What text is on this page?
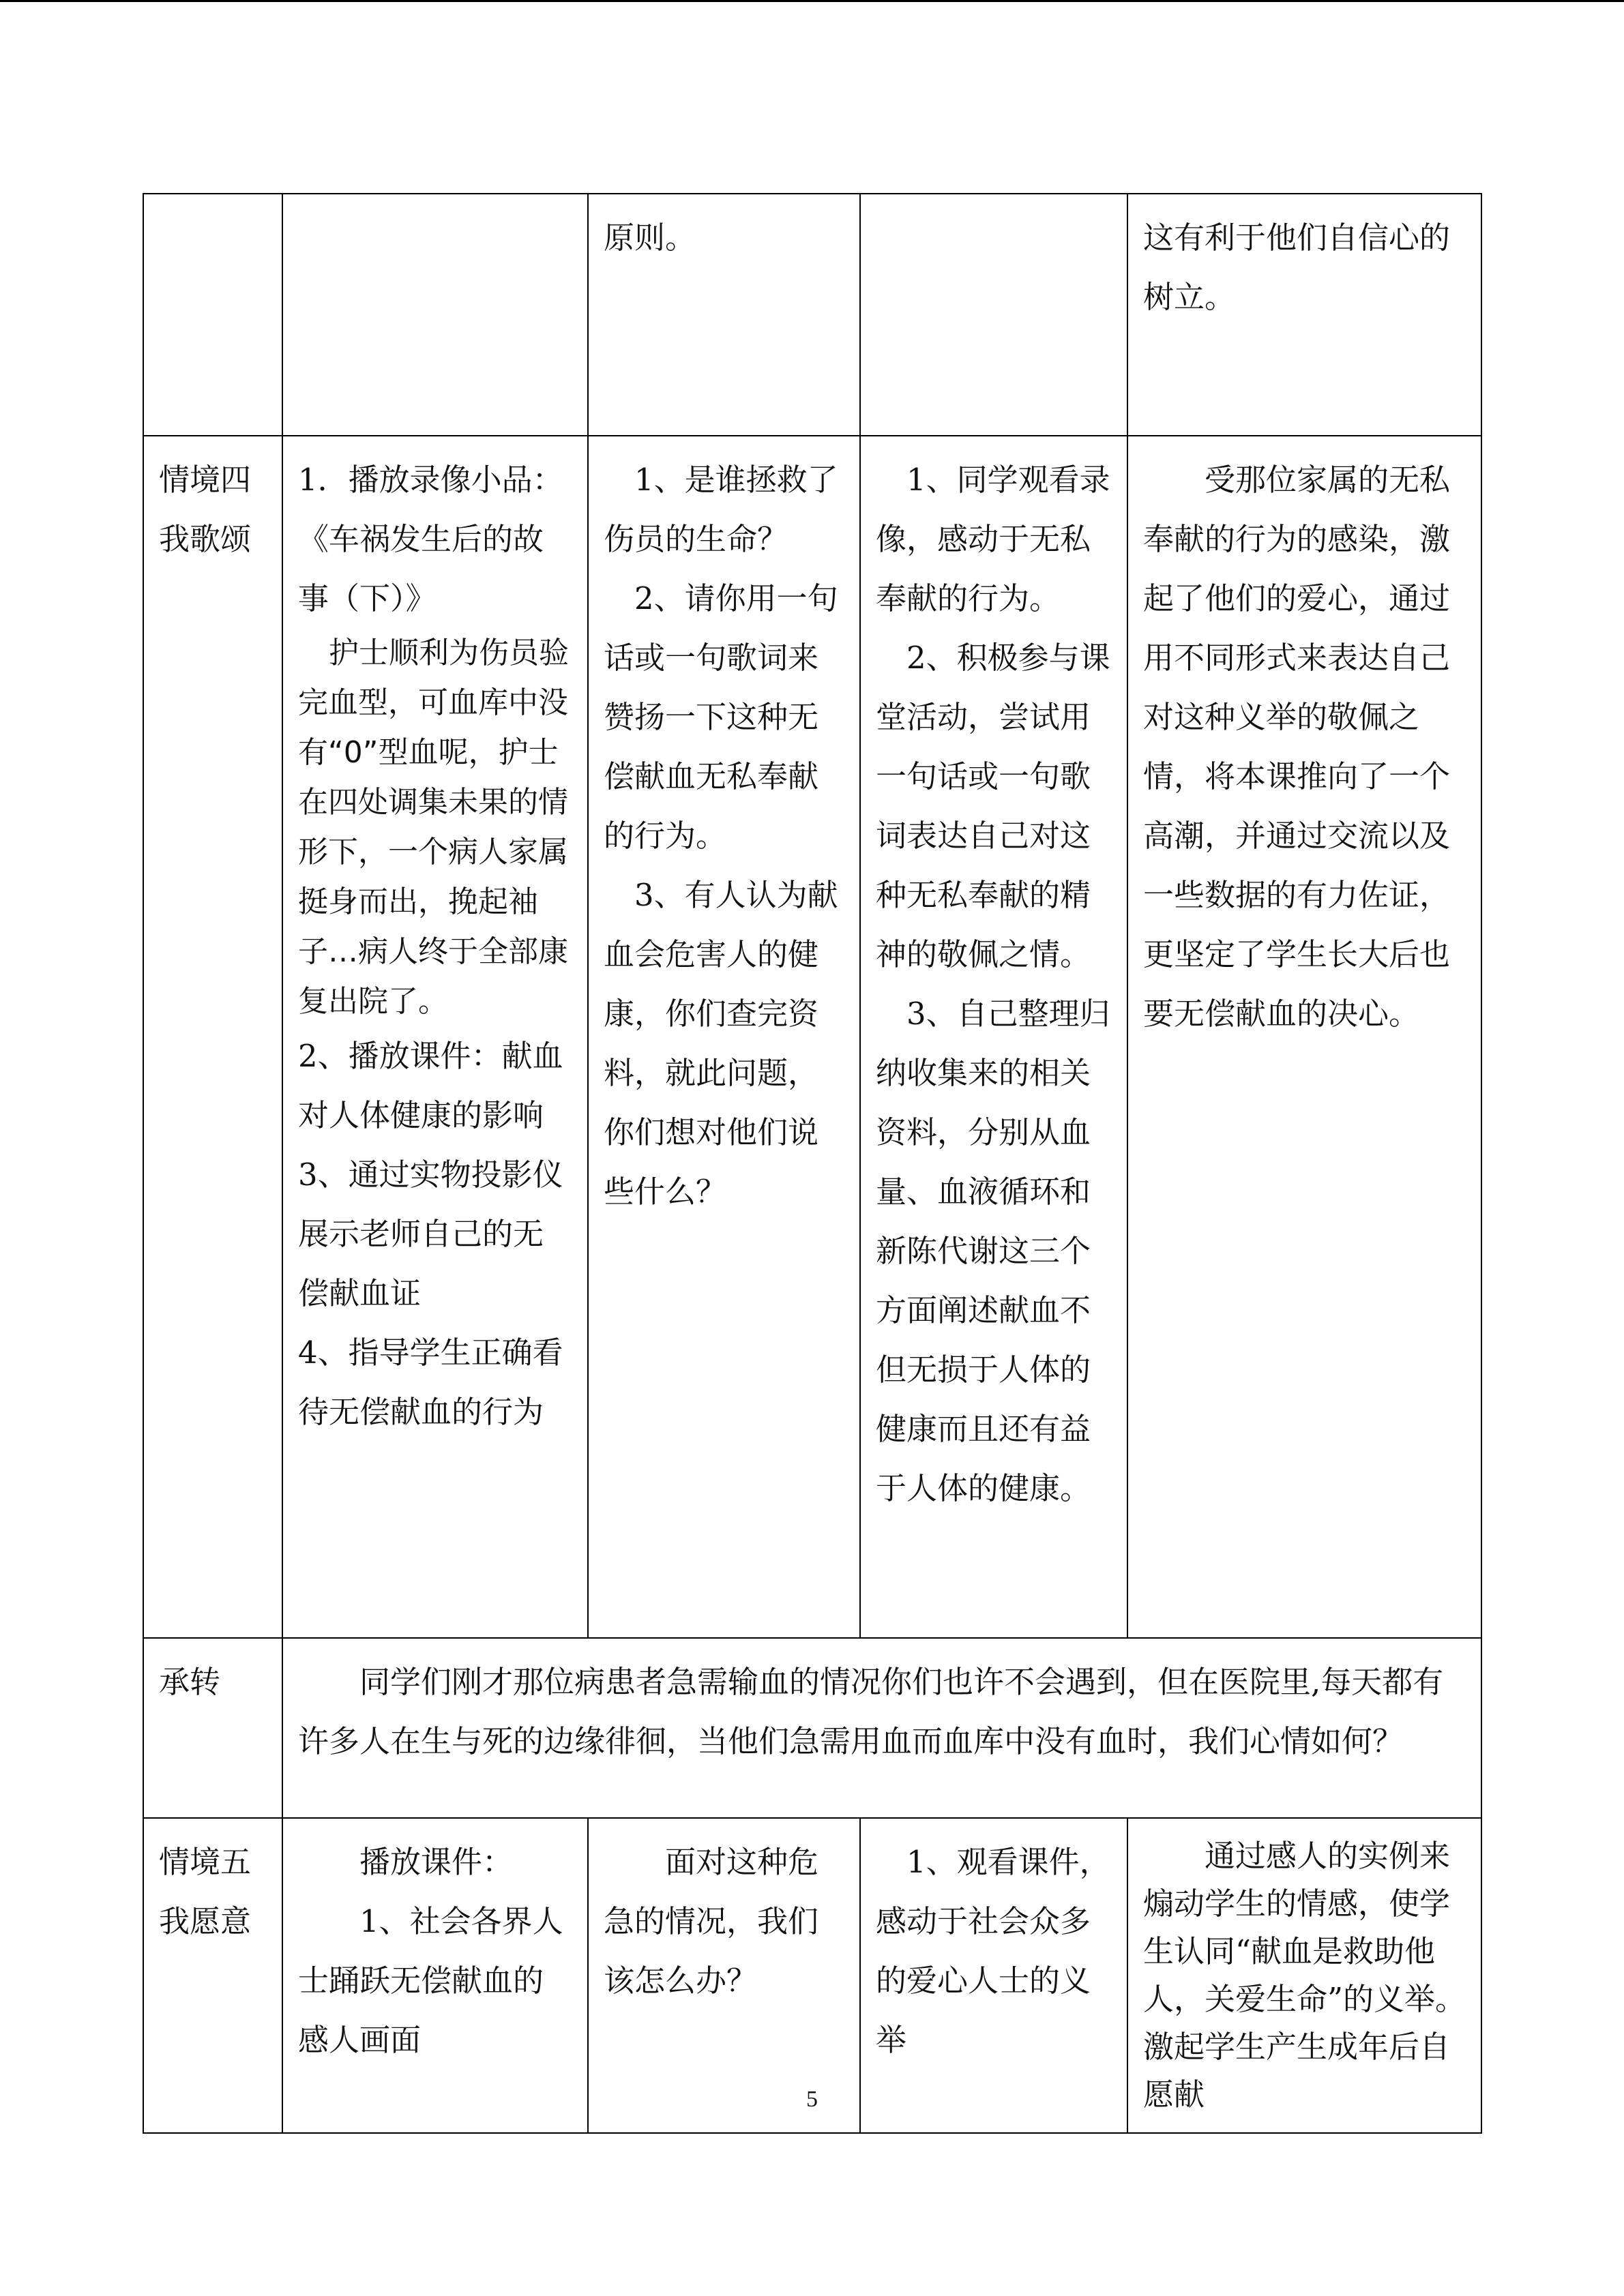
		原则。		这有利于他们自信心的树立。

情境四
我歌颂	1．播放录像小品：《车祸发生后的故事（下）》
护士顺利为伤员验完血型，可血库中没有“0”型血呢，护士在四处调集未果的情形下，一个病人家属挺身而出，挽起袖子…病人终于全部康复出院了。
2、播放课件：献血对人体健康的影响
3、通过实物投影仪展示老师自己的无偿献血证
4、指导学生正确看待无偿献血的行为	1、是谁拯救了伤员的生命？
2、请你用一句话或一句歌词来赞扬一下这种无偿献血无私奉献的行为。
3、有人认为献血会危害人的健康，你们查完资料，就此问题，你们想对他们说些什么？	1、同学观看录像，感动于无私奉献的行为。
2、积极参与课堂活动，尝试用一句话或一句歌词表达自己对这种无私奉献的精神的敬佩之情。
3、自己整理归纳收集来的相关资料，分别从血量、血液循环和新陈代谢这三个方面阐述献血不但无损于人体的健康而且还有益于人体的健康。	受那位家属的无私奉献的行为的感染，激起了他们的爱心，通过用不同形式来表达自己对这种义举的敬佩之情，将本课推向了一个高潮，并通过交流以及一些数据的有力佐证，更坚定了学生长大后也要无偿献血的决心。

承转	同学们刚才那位病患者急需输血的情况你们也许不会遇到，但在医院里,每天都有许多人在生与死的边缘徘徊，当他们急需用血而血库中没有血时，我们心情如何？			

情境五
我愿意	播放课件：
1、社会各界人士踊跃无偿献血的感人画面	面对这种危急的情况，我们该怎么办？	1、观看课件，感动于社会众多的爱心人士的义举	通过感人的实例来煽动学生的情感，使学生认同“献血是救助他人，关爱生命”的义举。激起学生产生成年后自愿献
5
